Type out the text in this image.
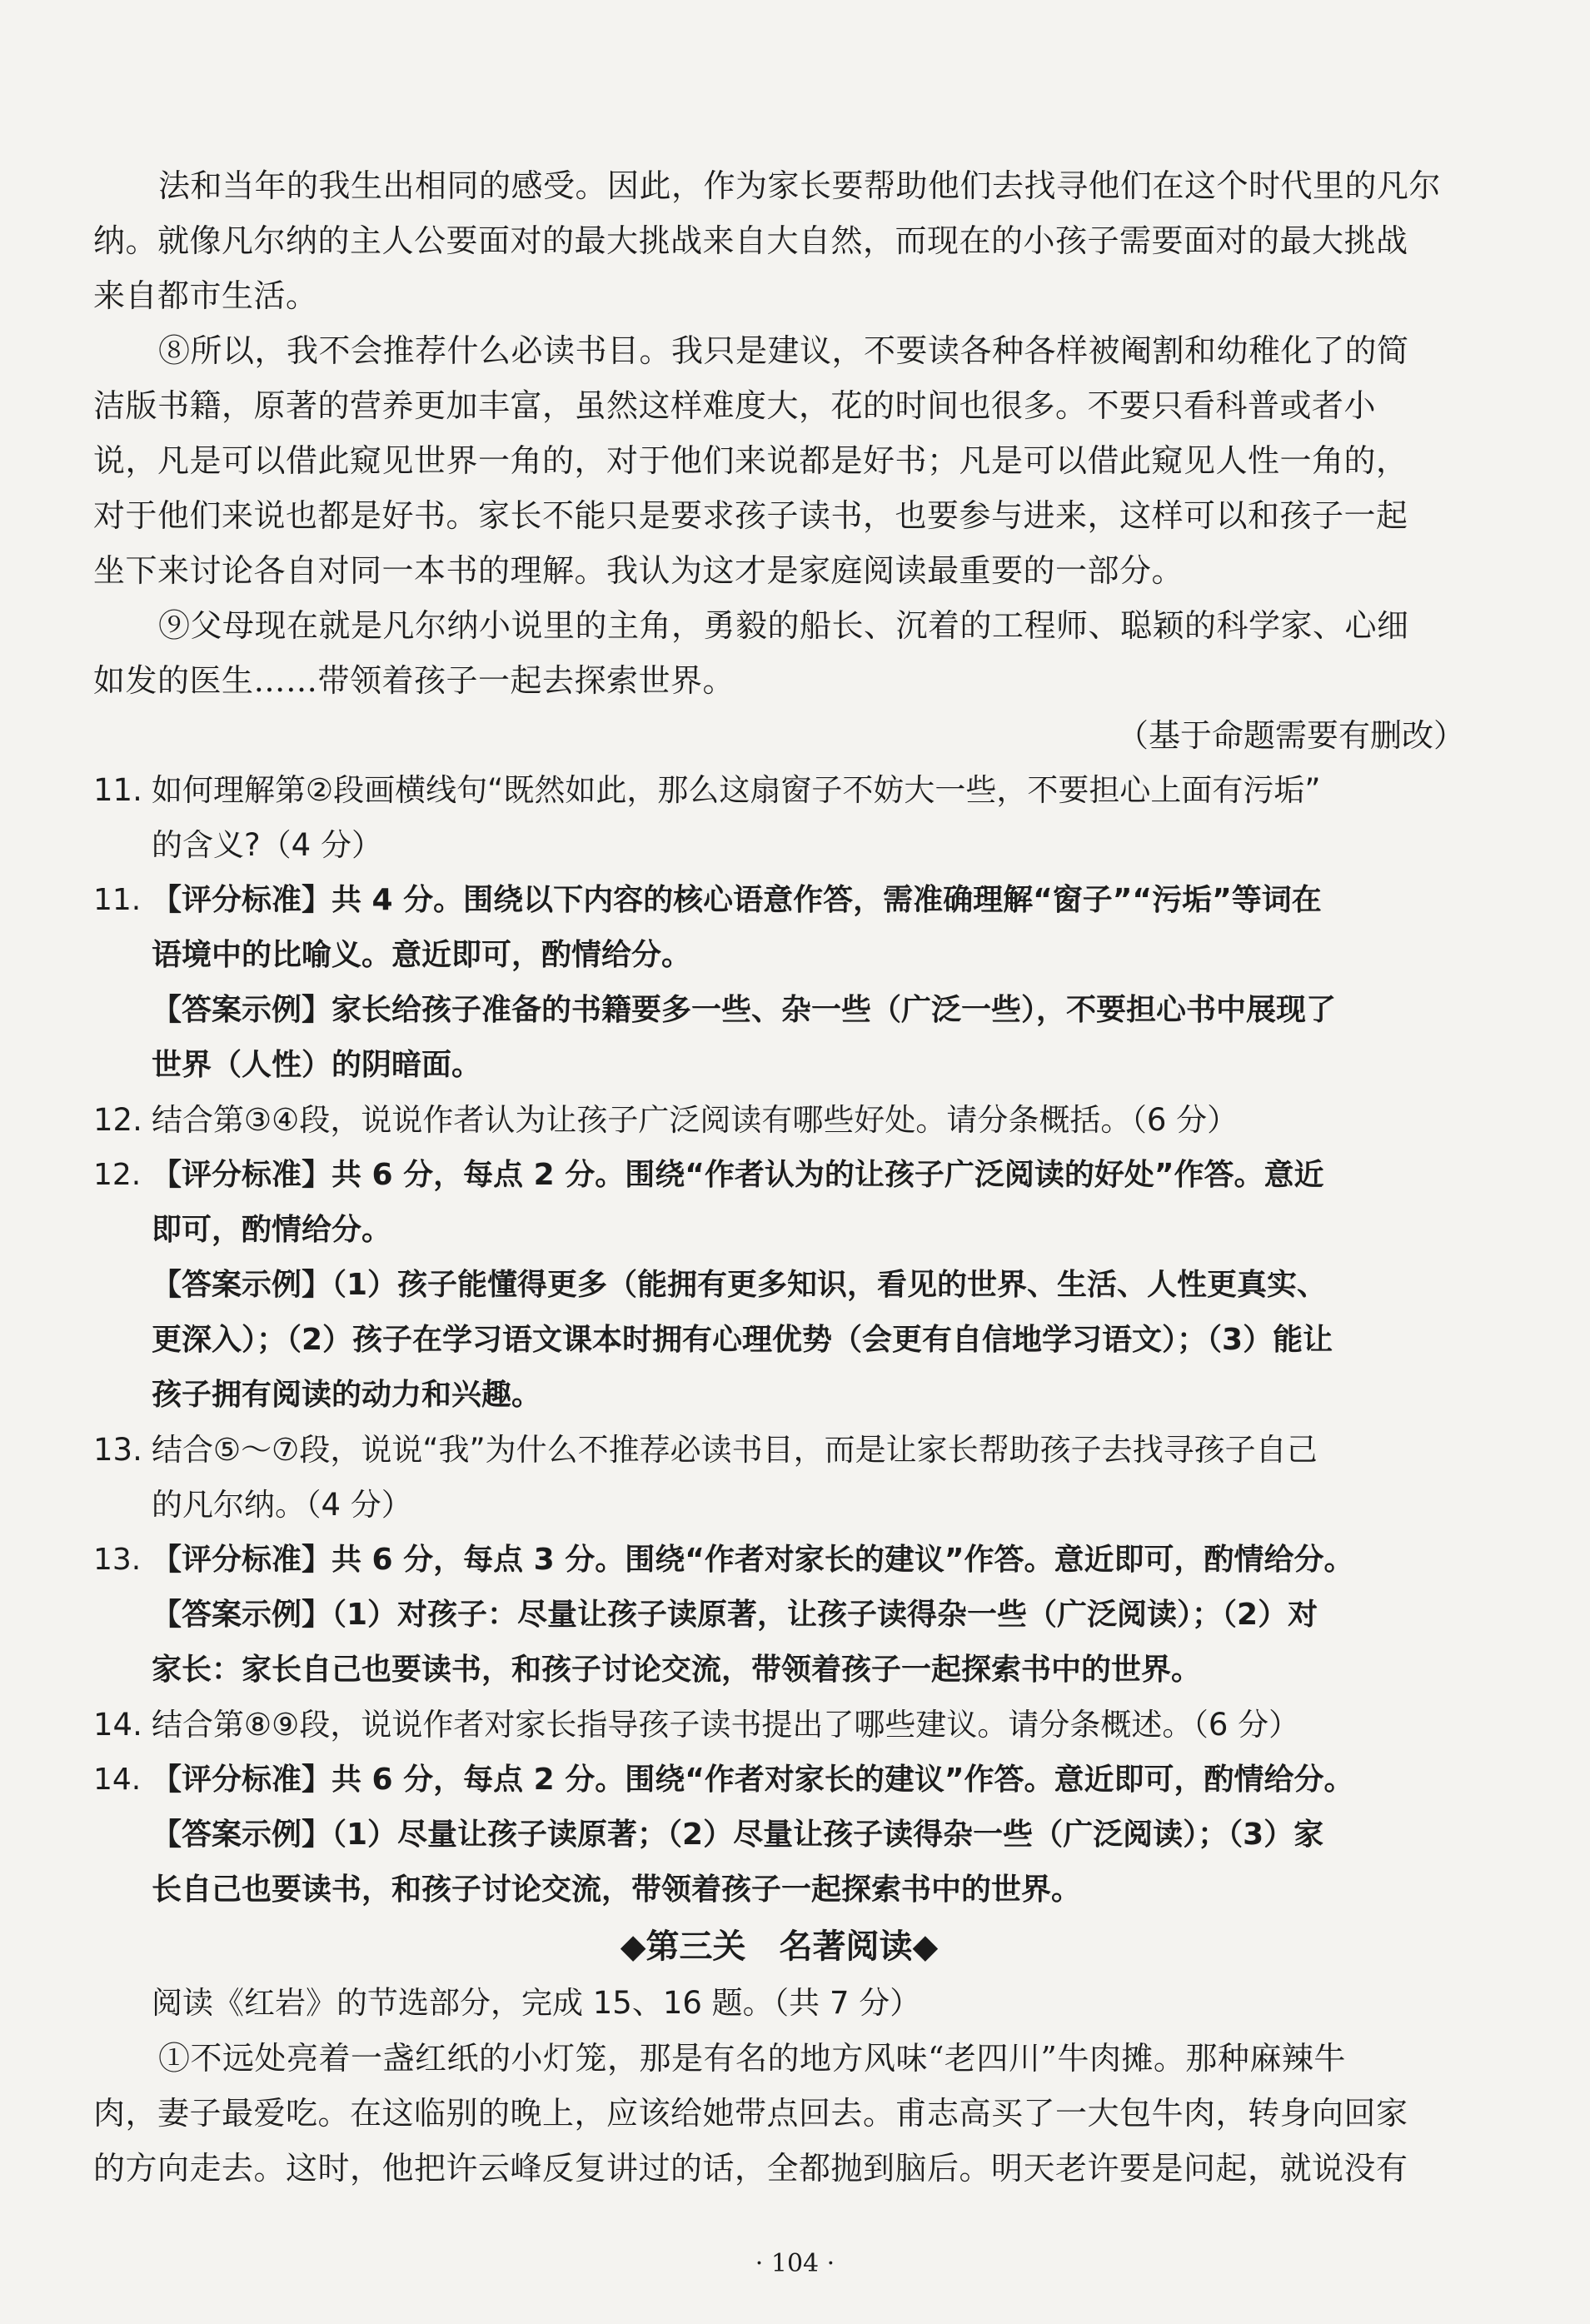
法和当年的我生出相同的感受。因此，作为家长要帮助他们去找寻他们在这个时代里的凡尔
纳。就像凡尔纳的主人公要面对的最大挑战来自大自然，而现在的小孩子需要面对的最大挑战
来自都市生活。
⑧所以，我不会推荐什么必读书目。我只是建议，不要读各种各样被阉割和幼稚化了的简
洁版书籍，原著的营养更加丰富，虽然这样难度大，花的时间也很多。不要只看科普或者小
说，凡是可以借此窥见世界一角的，对于他们来说都是好书；凡是可以借此窥见人性一角的，
对于他们来说也都是好书。家长不能只是要求孩子读书，也要参与进来，这样可以和孩子一起
坐下来讨论各自对同一本书的理解。我认为这才是家庭阅读最重要的一部分。
⑨父母现在就是凡尔纳小说里的主角，勇毅的船长、沉着的工程师、聪颖的科学家、心细
如发的医生……带领着孩子一起去探索世界。
（基于命题需要有删改）
11. 如何理解第②段画横线句“既然如此，那么这扇窗子不妨大一些，不要担心上面有污垢”
的含义?（4 分）
11. 【评分标准】共 4 分。围绕以下内容的核心语意作答，需准确理解“窗子”“污垢”等词在
语境中的比喻义。意近即可，酌情给分。
【答案示例】家长给孩子准备的书籍要多一些、杂一些（广泛一些），不要担心书中展现了
世界（人性）的阴暗面。
12. 结合第③④段，说说作者认为让孩子广泛阅读有哪些好处。请分条概括。（6 分）
12. 【评分标准】共 6 分，每点 2 分。围绕“作者认为的让孩子广泛阅读的好处”作答。意近
即可，酌情给分。
【答案示例】（1）孩子能懂得更多（能拥有更多知识，看见的世界、生活、人性更真实、
更深入）；（2）孩子在学习语文课本时拥有心理优势（会更有自信地学习语文）；（3）能让
孩子拥有阅读的动力和兴趣。
13. 结合⑤～⑦段，说说“我”为什么不推荐必读书目，而是让家长帮助孩子去找寻孩子自己
的凡尔纳。（4 分）
13. 【评分标准】共 6 分，每点 3 分。围绕“作者对家长的建议”作答。意近即可，酌情给分。
【答案示例】（1）对孩子：尽量让孩子读原著，让孩子读得杂一些（广泛阅读）；（2）对
家长：家长自己也要读书，和孩子讨论交流，带领着孩子一起探索书中的世界。
14. 结合第⑧⑨段，说说作者对家长指导孩子读书提出了哪些建议。请分条概述。（6 分）
14. 【评分标准】共 6 分，每点 2 分。围绕“作者对家长的建议”作答。意近即可，酌情给分。
【答案示例】（1）尽量让孩子读原著；（2）尽量让孩子读得杂一些（广泛阅读）；（3）家
长自己也要读书，和孩子讨论交流，带领着孩子一起探索书中的世界。
◆第三关　名著阅读◆
阅读《红岩》的节选部分，完成 15、16 题。（共 7 分）
①不远处亮着一盏红纸的小灯笼，那是有名的地方风味“老四川”牛肉摊。那种麻辣牛
肉，妻子最爱吃。在这临别的晚上，应该给她带点回去。甫志高买了一大包牛肉，转身向回家
的方向走去。这时，他把许云峰反复讲过的话，全都抛到脑后。明天老许要是问起，就说没有
· 104 ·
